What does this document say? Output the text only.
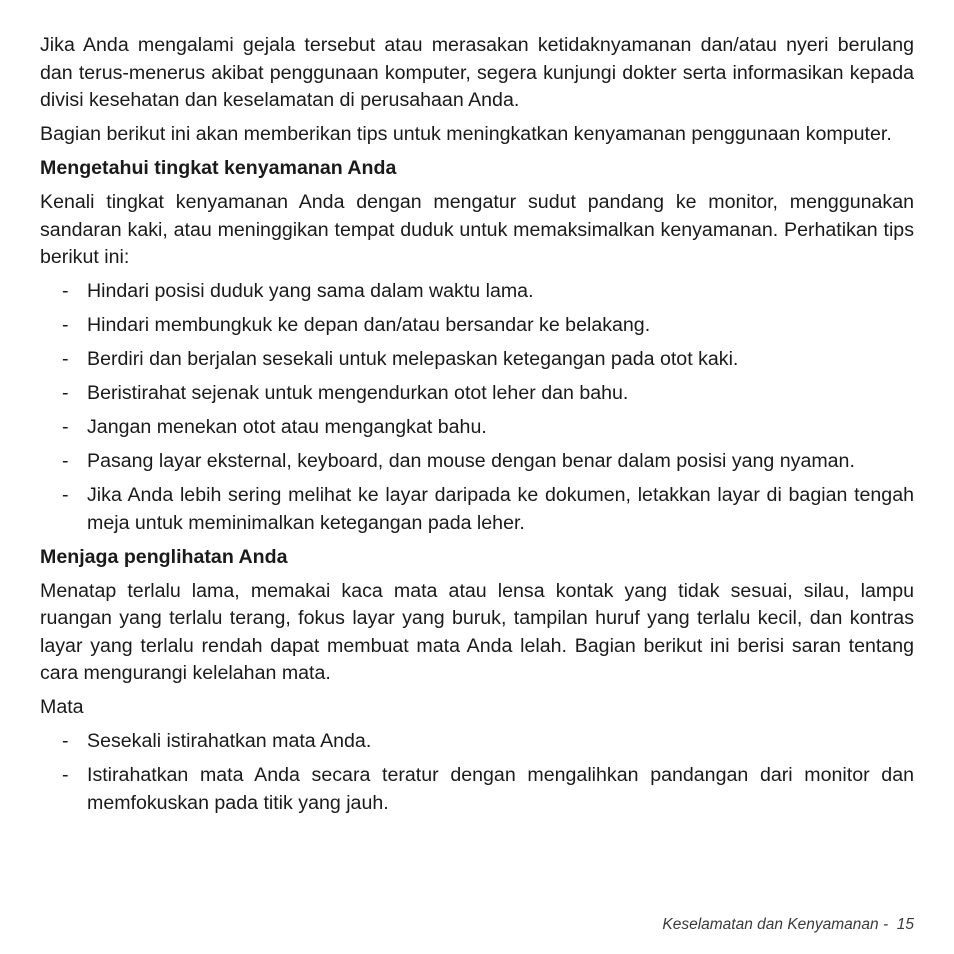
Jika Anda mengalami gejala tersebut atau merasakan ketidaknyamanan dan/atau nyeri berulang dan terus-menerus akibat penggunaan komputer, segera kunjungi dokter serta informasikan kepada divisi kesehatan dan keselamatan di perusahaan Anda.

Bagian berikut ini akan memberikan tips untuk meningkatkan kenyamanan penggunaan komputer.

Mengetahui tingkat kenyamanan Anda

Kenali tingkat kenyamanan Anda dengan mengatur sudut pandang ke monitor, menggunakan sandaran kaki, atau meninggikan tempat duduk untuk memaksimalkan kenyamanan. Perhatikan tips berikut ini:

- Hindari posisi duduk yang sama dalam waktu lama.
- Hindari membungkuk ke depan dan/atau bersandar ke belakang.
- Berdiri dan berjalan sesekali untuk melepaskan ketegangan pada otot kaki.
- Beristirahat sejenak untuk mengendurkan otot leher dan bahu.
- Jangan menekan otot atau mengangkat bahu.
- Pasang layar eksternal, keyboard, dan mouse dengan benar dalam posisi yang nyaman.
- Jika Anda lebih sering melihat ke layar daripada ke dokumen, letakkan layar di bagian tengah meja untuk meminimalkan ketegangan pada leher.
Menjaga penglihatan Anda

Menatap terlalu lama, memakai kaca mata atau lensa kontak yang tidak sesuai, silau, lampu ruangan yang terlalu terang, fokus layar yang buruk, tampilan huruf yang terlalu kecil, dan kontras layar yang terlalu rendah dapat membuat mata Anda lelah. Bagian berikut ini berisi saran tentang cara mengurangi kelelahan mata.

Mata

- Sesekali istirahatkan mata Anda.
- Istirahatkan mata Anda secara teratur dengan mengalihkan pandangan dari monitor dan memfokuskan pada titik yang jauh.
Keselamatan dan Kenyamanan -  15
